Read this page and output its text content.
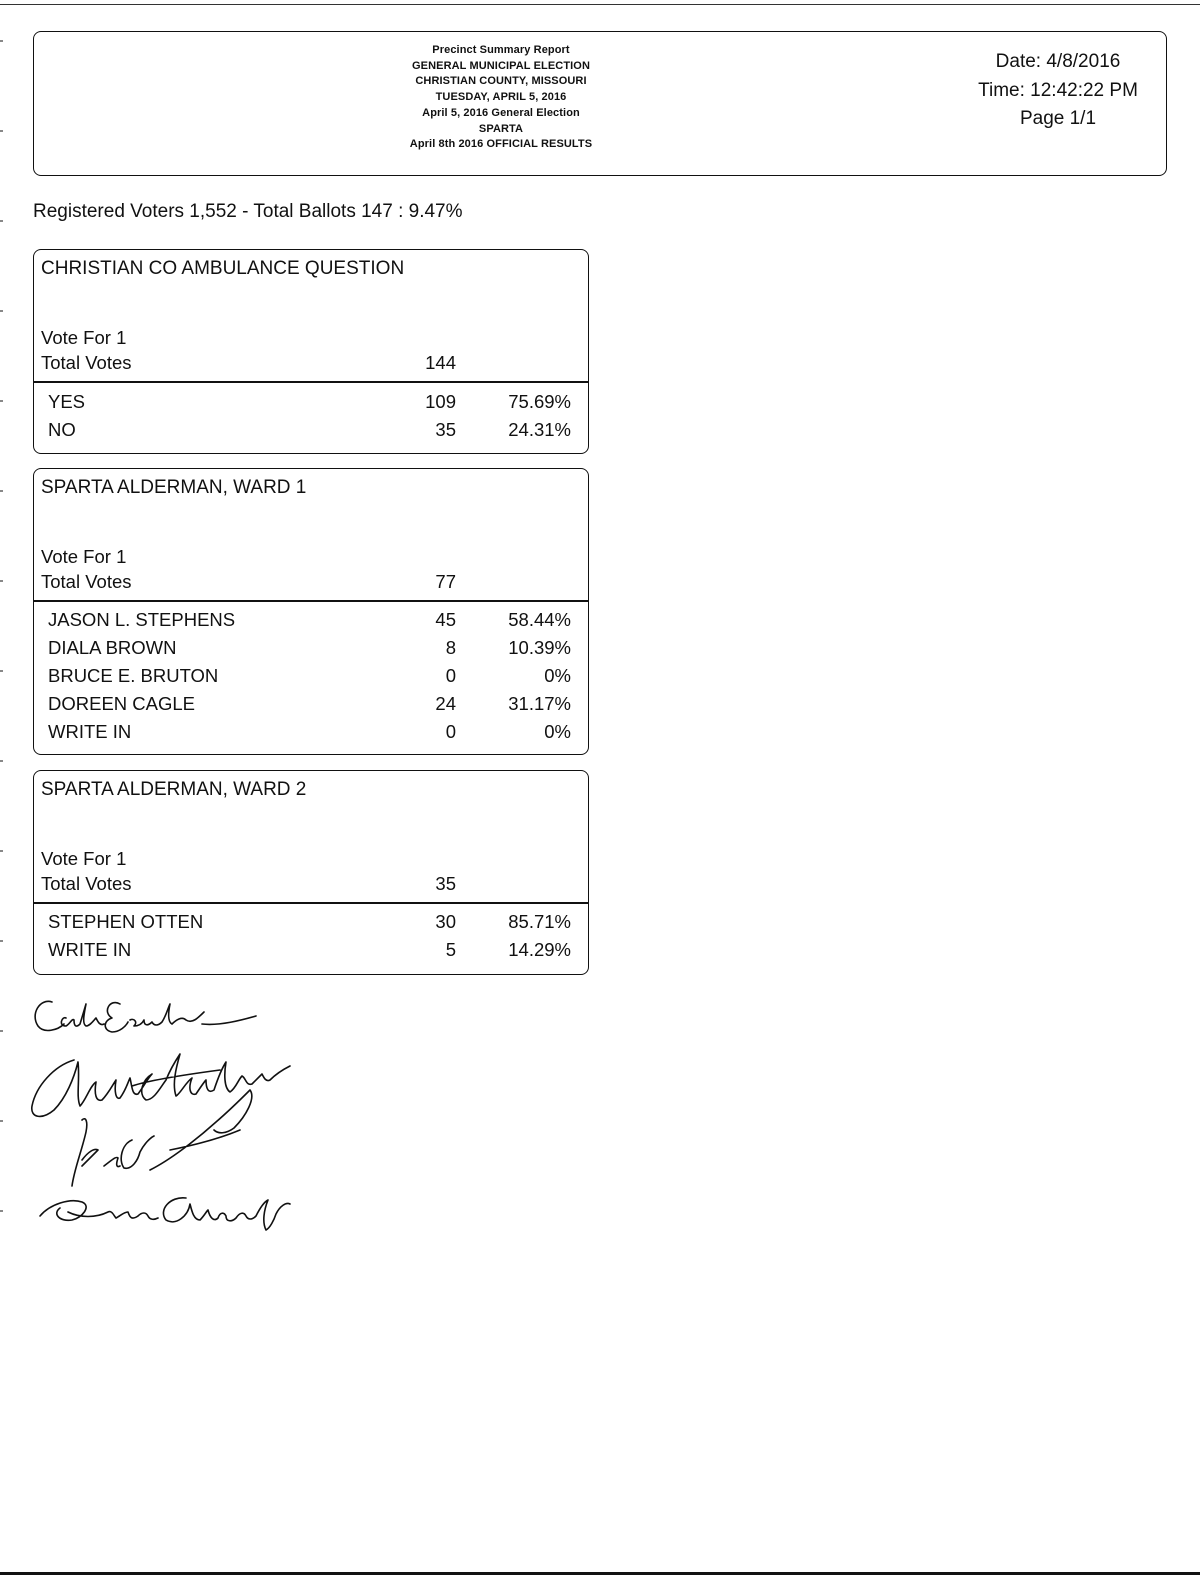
Precinct Summary Report
GENERAL MUNICIPAL ELECTION
CHRISTIAN COUNTY, MISSOURI
TUESDAY, APRIL 5, 2016
April 5, 2016 General Election
SPARTA
April 8th 2016 OFFICIAL RESULTS
Date: 4/8/2016
Time: 12:42:22 PM
Page 1/1
Registered Voters 1,552 - Total Ballots 147 : 9.47%
CHRISTIAN CO AMBULANCE QUESTION
Vote For 1
Total Votes	144
YES	109	75.69%
NO	35	24.31%
SPARTA ALDERMAN, WARD 1
Vote For 1
Total Votes	77
JASON L. STEPHENS	45	58.44%
DIALA BROWN	8	10.39%
BRUCE E. BRUTON	0	0%
DOREEN CAGLE	24	31.17%
WRITE IN	0	0%
SPARTA ALDERMAN, WARD 2
Vote For 1
Total Votes	35
STEPHEN OTTEN	30	85.71%
WRITE IN	5	14.29%
